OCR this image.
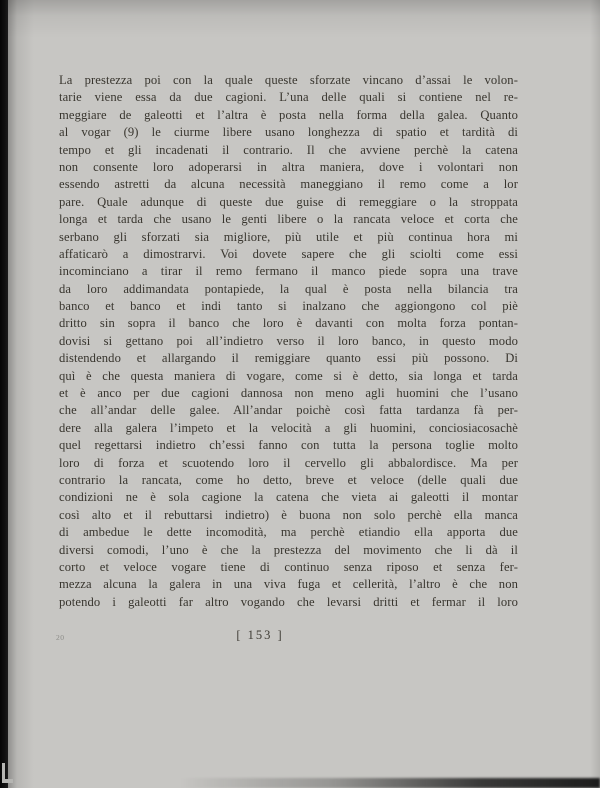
La prestezza poi con la quale queste sforzate vincano d’assai le volon-
tarie viene essa da due cagioni. L’una delle quali si contiene nel re-
meggiare de galeotti et l’altra è posta nella forma della galea. Quanto
al vogar (9) le ciurme libere usano longhezza di spatio et tardità di
tempo et gli incadenati il contrario. Il che avviene perchè la catena
non consente loro adoperarsi in altra maniera, dove i volontari non
essendo astretti da alcuna necessità maneggiano il remo come a lor
pare. Quale adunque di queste due guise di remeggiare o la stroppata
longa et tarda che usano le genti libere o la rancata veloce et corta che
serbano gli sforzati sia migliore, più utile et più continua hora mi
affaticarò a dimostrarvi. Voi dovete sapere che gli sciolti come essi
incominciano a tirar il remo fermano il manco piede sopra una trave
da loro addimandata pontapiede, la qual è posta nella bilancia tra
banco et banco et indi tanto si inalzano che aggiongono col piè
dritto sin sopra il banco che loro è davanti con molta forza pontan-
dovisi si gettano poi all’indietro verso il loro banco, in questo modo
distendendo et allargando il remiggiare quanto essi più possono. Di
quì è che questa maniera di vogare, come si è detto, sia longa et tarda
et è anco per due cagioni dannosa non meno agli huomini che l’usano
che all’andar delle galee. All’andar poichè così fatta tardanza fà per-
dere alla galera l’impeto et la velocità a gli huomini, conciosiacosachè
quel regettarsi indietro ch’essi fanno con tutta la persona toglie molto
loro di forza et scuotendo loro il cervello gli abbalordisce. Ma per
contrario la rancata, come ho detto, breve et veloce (delle quali due
condizioni ne è sola cagione la catena che vieta ai galeotti il montar
così alto et il rebuttarsi indietro) è buona non solo perchè ella manca
di ambedue le dette incomodità, ma perchè etiandio ella apporta due
diversi comodi, l’uno è che la prestezza del movimento che li dà il
corto et veloce vogare tiene di continuo senza riposo et senza fer-
mezza alcuna la galera in una viva fuga et cellerità, l’altro è che non
potendo i galeotti far altro vogando che levarsi dritti et fermar il loro
20	[ 153 ]
